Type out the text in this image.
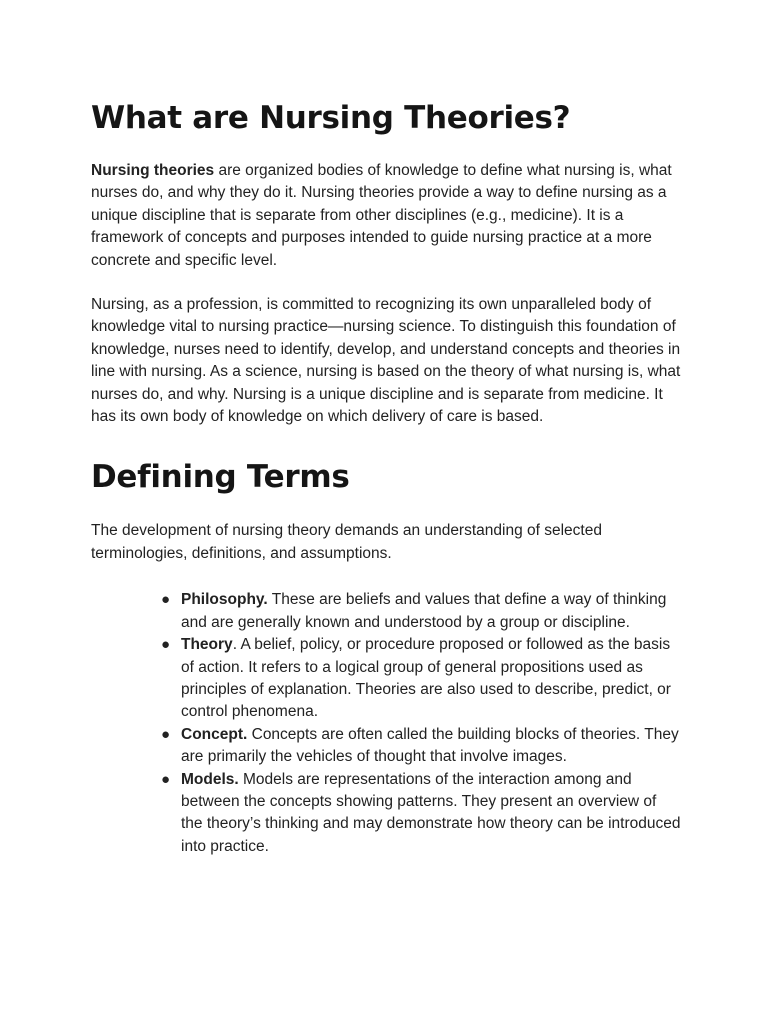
What are Nursing Theories?

Nursing theories are organized bodies of knowledge to define what nursing is, what nurses do, and why they do it. Nursing theories provide a way to define nursing as a unique discipline that is separate from other disciplines (e.g., medicine). It is a framework of concepts and purposes intended to guide nursing practice at a more concrete and specific level.

Nursing, as a profession, is committed to recognizing its own unparalleled body of knowledge vital to nursing practice—nursing science. To distinguish this foundation of knowledge, nurses need to identify, develop, and understand concepts and theories in line with nursing. As a science, nursing is based on the theory of what nursing is, what nurses do, and why. Nursing is a unique discipline and is separate from medicine. It has its own body of knowledge on which delivery of care is based.

Defining Terms

The development of nursing theory demands an understanding of selected terminologies, definitions, and assumptions.

● Philosophy. These are beliefs and values that define a way of thinking and are generally known and understood by a group or discipline.
● Theory. A belief, policy, or procedure proposed or followed as the basis of action. It refers to a logical group of general propositions used as principles of explanation. Theories are also used to describe, predict, or control phenomena.
● Concept. Concepts are often called the building blocks of theories. They are primarily the vehicles of thought that involve images.
● Models. Models are representations of the interaction among and between the concepts showing patterns. They present an overview of the theory’s thinking and may demonstrate how theory can be introduced into practice.
